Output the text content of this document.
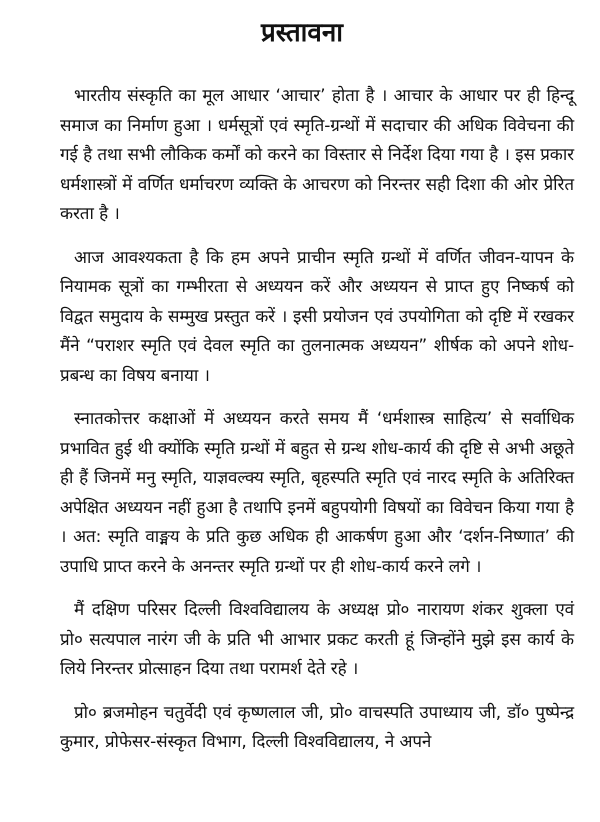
प्रस्तावना

भारतीय संस्कृति का मूल आधार ‘आचार’ होता है । आचार के आधार पर ही हिन्दू समाज का निर्माण हुआ । धर्मसूत्रों एवं स्मृति-ग्रन्थों में सदाचार की अधिक विवेचना की गई है तथा सभी लौकिक कर्मों को करने का विस्तार से निर्देश दिया गया है । इस प्रकार धर्मशास्त्रों में वर्णित धर्माचरण व्यक्ति के आचरण को निरन्तर सही दिशा की ओर प्रेरित करता है ।

आज आवश्यकता है कि हम अपने प्राचीन स्मृति ग्रन्थों में वर्णित जीवन-यापन के नियामक सूत्रों का गम्भीरता से अध्ययन करें और अध्ययन से प्राप्त हुए निष्कर्ष को विद्वत समुदाय के सम्मुख प्रस्तुत करें । इसी प्रयोजन एवं उपयोगिता को दृष्टि में रखकर मैंने “पराशर स्मृति एवं देवल स्मृति का तुलनात्मक अध्ययन” शीर्षक को अपने शोध-प्रबन्ध का विषय बनाया ।

स्नातकोत्तर कक्षाओं में अध्ययन करते समय मैं ‘धर्मशास्त्र साहित्य’ से सर्वाधिक प्रभावित हुई थी क्योंकि स्मृति ग्रन्थों में बहुत से ग्रन्थ शोध-कार्य की दृष्टि से अभी अछूते ही हैं जिनमें मनु स्मृति, याज्ञवल्क्य स्मृति, बृहस्पति स्मृति एवं नारद स्मृति के अतिरिक्त अपेक्षित अध्ययन नहीं हुआ है तथापि इनमें बहुपयोगी विषयों का विवेचन किया गया है । अत: स्मृति वाङ्मय के प्रति कुछ अधिक ही आकर्षण हुआ और ‘दर्शन-निष्णात’ की उपाधि प्राप्त करने के अनन्तर स्मृति ग्रन्थों पर ही शोध-कार्य करने लगे ।

मैं दक्षिण परिसर दिल्ली विश्वविद्यालय के अध्यक्ष प्रो० नारायण शंकर शुक्ला एवं प्रो० सत्यपाल नारंग जी के प्रति भी आभार प्रकट करती हूं जिन्होंने मुझे इस कार्य के लिये निरन्तर प्रोत्साहन दिया तथा परामर्श देते रहे ।

प्रो० ब्रजमोहन चतुर्वेदी एवं कृष्णलाल जी, प्रो० वाचस्पति उपाध्याय जी, डॉ० पुष्पेन्द्र कुमार, प्रोफेसर-संस्कृत विभाग, दिल्ली विश्वविद्यालय, ने अपने
